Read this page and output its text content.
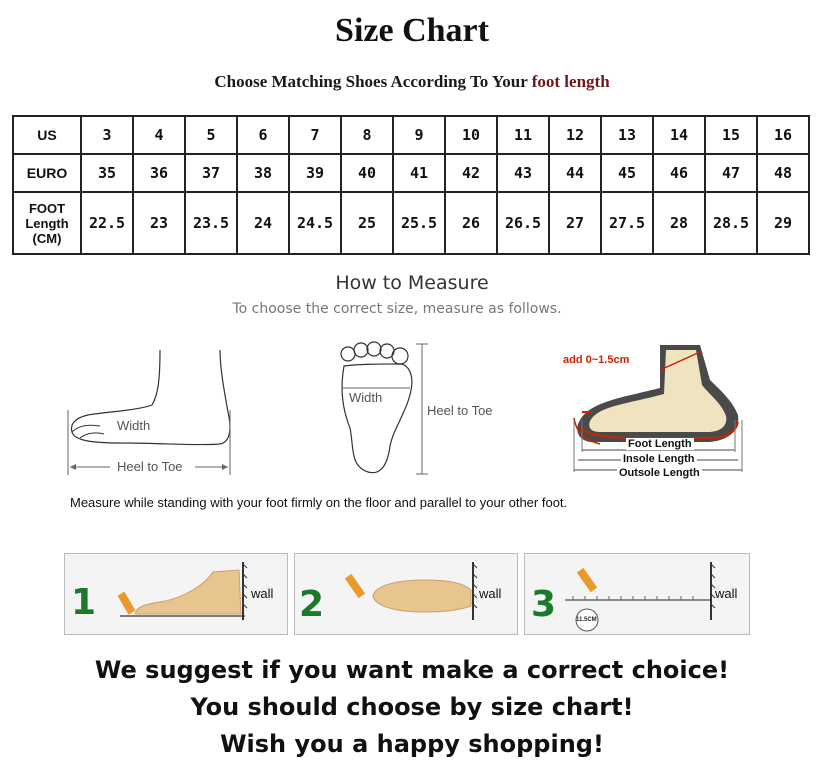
Size Chart
Choose Matching Shoes According To Your foot length
US	3	4	5	6	7	8	9	10	11	12	13	14	15	16
EURO	35	36	37	38	39	40	41	42	43	44	45	46	47	48

FOOT
Length
(CM)	22.5	23	23.5	24	24.5	25	25.5	26	26.5	27	27.5	28	28.5	29
How to Measure
To choose the correct size, measure as follows.
Width
Heel to Toe
Width
Heel to Toe
add 0~1.5cm
Foot Length
Insole Length
Outsole Length
Measure while standing with your foot firmly on the floor and parallel to your other foot.
1	wall 2	wall 3	11.5CM
wall
We suggest if you want make a correct choice!
You should choose by size chart!
Wish you a happy shopping!
